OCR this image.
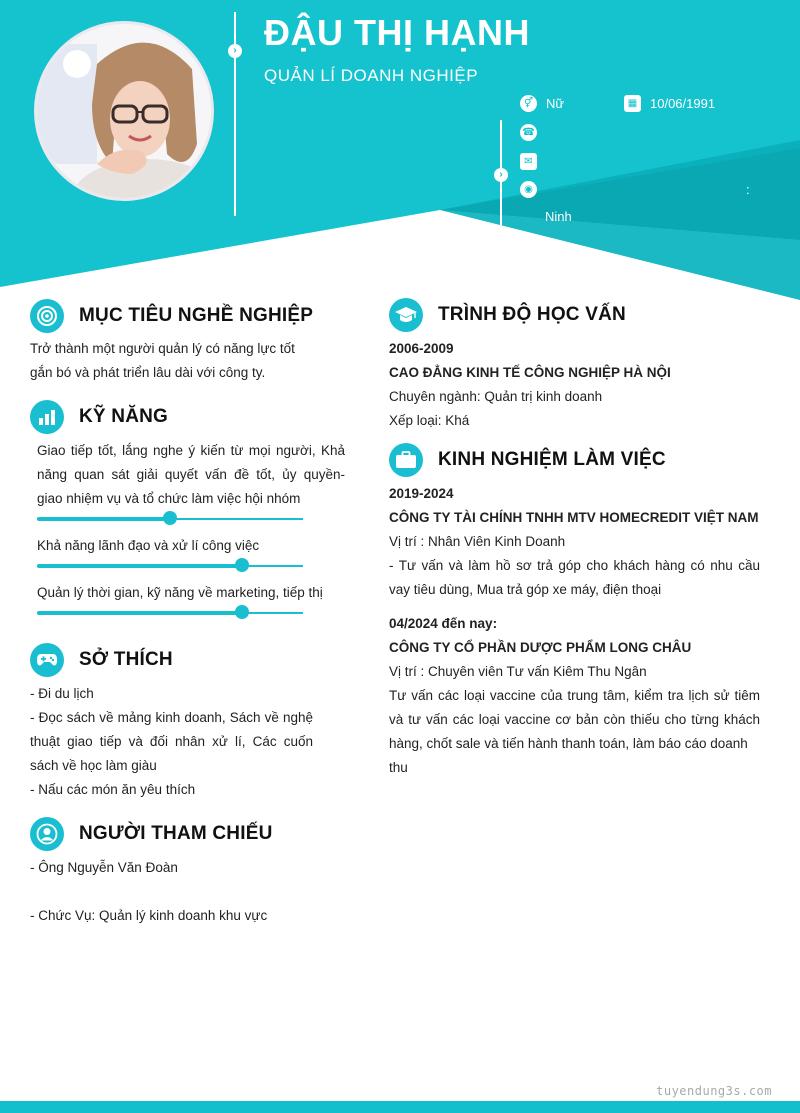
›
›
ĐẬU THỊ HẠNH
QUẢN LÍ DOANH NGHIỆP
⚥ Nữ	▦ 10/06/1991
☎
✉
◉	:
Ninh
MỤC TIÊU NGHỀ NGHIỆP
Trở thành một người quản lý có năng lực tốt
gắn bó và phát triển lâu dài với công ty.
KỸ NĂNG
Giao tiếp tốt, lắng nghe ý kiến từ mọi người, Khả
năng quan sát giải quyết vấn đề tốt, ủy quyền-
giao nhiệm vụ và tổ chức làm việc hội nhóm
Khả năng lãnh đạo và xử lí công việc
Quản lý thời gian, kỹ năng về marketing, tiếp thị
SỞ THÍCH
- Đi du lịch
- Đọc sách về mảng kinh doanh, Sách về nghệ
thuật giao tiếp và đối nhân xử lí, Các cuốn
sách về học làm giàu
- Nấu các món ăn yêu thích
NGƯỜI THAM CHIẾU
- Ông Nguyễn Văn Đoàn
- Chức Vụ: Quản lý kinh doanh khu vực
TRÌNH ĐỘ HỌC VẤN
2006-2009
CAO ĐẲNG KINH TẾ CÔNG NGHIỆP HÀ NỘI
Chuyên ngành: Quản trị kinh doanh
Xếp loại: Khá
KINH NGHIỆM LÀM VIỆC
2019-2024
CÔNG TY TÀI CHÍNH TNHH MTV HOMECREDIT VIỆT NAM
Vị trí : Nhân Viên Kinh Doanh
- Tư vấn và làm hồ sơ trả góp cho khách hàng có nhu cầu
vay tiêu dùng, Mua trả góp xe máy, điện thoại
04/2024 đến nay:
CÔNG TY CỔ PHẦN DƯỢC PHẨM LONG CHÂU
Vị trí : Chuyên viên Tư vấn Kiêm Thu Ngân
Tư vấn các loại vaccine của trung tâm, kiểm tra lịch sử tiêm
và tư vấn các loại vaccine cơ bản còn thiếu cho từng khách
hàng, chốt sale và tiến hành thanh toán, làm báo cáo doanh
thu
tuyendung3s.com
